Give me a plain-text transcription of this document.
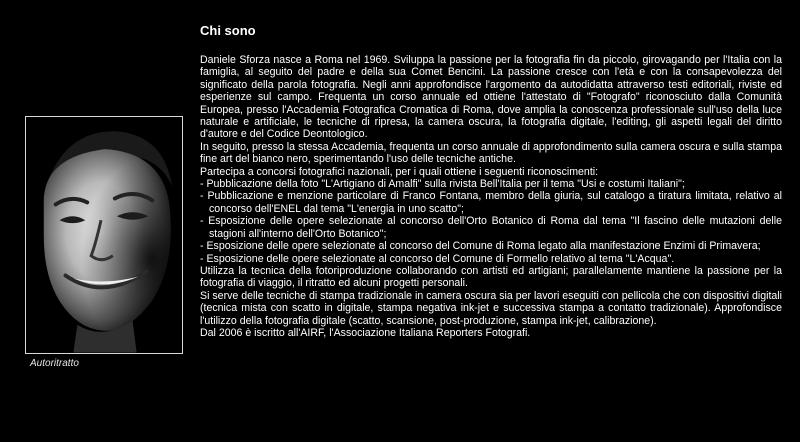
Autoritratto
Chi sono

Daniele Sforza nasce a Roma nel 1969. Sviluppa la passione per la fotografia fin da piccolo, girovagando per l'Italia con la famiglia, al seguito del padre e della sua Comet Bencini. La passione cresce con l'età e con la consapevolezza del significato della parola fotografia. Negli anni approfondisce l'argomento da autodidatta attraverso testi editoriali, riviste ed esperienze sul campo. Frequenta un corso annuale ed ottiene l'attestato di "Fotografo" riconosciuto dalla Comunità Europea, presso l'Accademia Fotografica Cromatica di Roma, dove amplia la conoscenza professionale sull'uso della luce naturale e artificiale, le tecniche di ripresa, la camera oscura, la fotografia digitale, l'editing, gli aspetti legali del diritto d'autore e del Codice Deontologico.

In seguito, presso la stessa Accademia, frequenta un corso annuale di approfondimento sulla camera oscura e sulla stampa fine art del bianco nero, sperimentando l'uso delle tecniche antiche.

Partecipa a concorsi fotografici nazionali, per i quali ottiene i seguenti riconoscimenti:

- Pubblicazione della foto "L'Artigiano di Amalfi" sulla rivista Bell'Italia per il tema "Usi e costumi Italiani";
- Pubblicazione e menzione particolare di Franco Fontana, membro della giuria, sul catalogo a tiratura limitata, relativo al concorso dell'ENEL dal tema "L'energia in uno scatto";
- Esposizione delle opere selezionate al concorso dell'Orto Botanico di Roma dal tema "Il fascino delle mutazioni delle stagioni all'interno dell'Orto Botanico";
- Esposizione delle opere selezionate al concorso del Comune di Roma legato alla manifestazione Enzimi di Primavera;
- Esposizione delle opere selezionate al concorso del Comune di Formello relativo al tema "L'Acqua".

Utilizza la tecnica della fotoriproduzione collaborando con artisti ed artigiani; parallelamente mantiene la passione per la fotografia di viaggio, il ritratto ed alcuni progetti personali.

Si serve delle tecniche di stampa tradizionale in camera oscura sia per lavori eseguiti con pellicola che con dispositivi digitali (tecnica mista con scatto in digitale, stampa negativa ink-jet e successiva stampa a contatto tradizionale). Approfondisce l'utilizzo della fotografia digitale (scatto, scansione, post-produzione, stampa ink-jet, calibrazione).

Dal 2006 è iscritto all'AIRF, l'Associazione Italiana Reporters Fotografi.
